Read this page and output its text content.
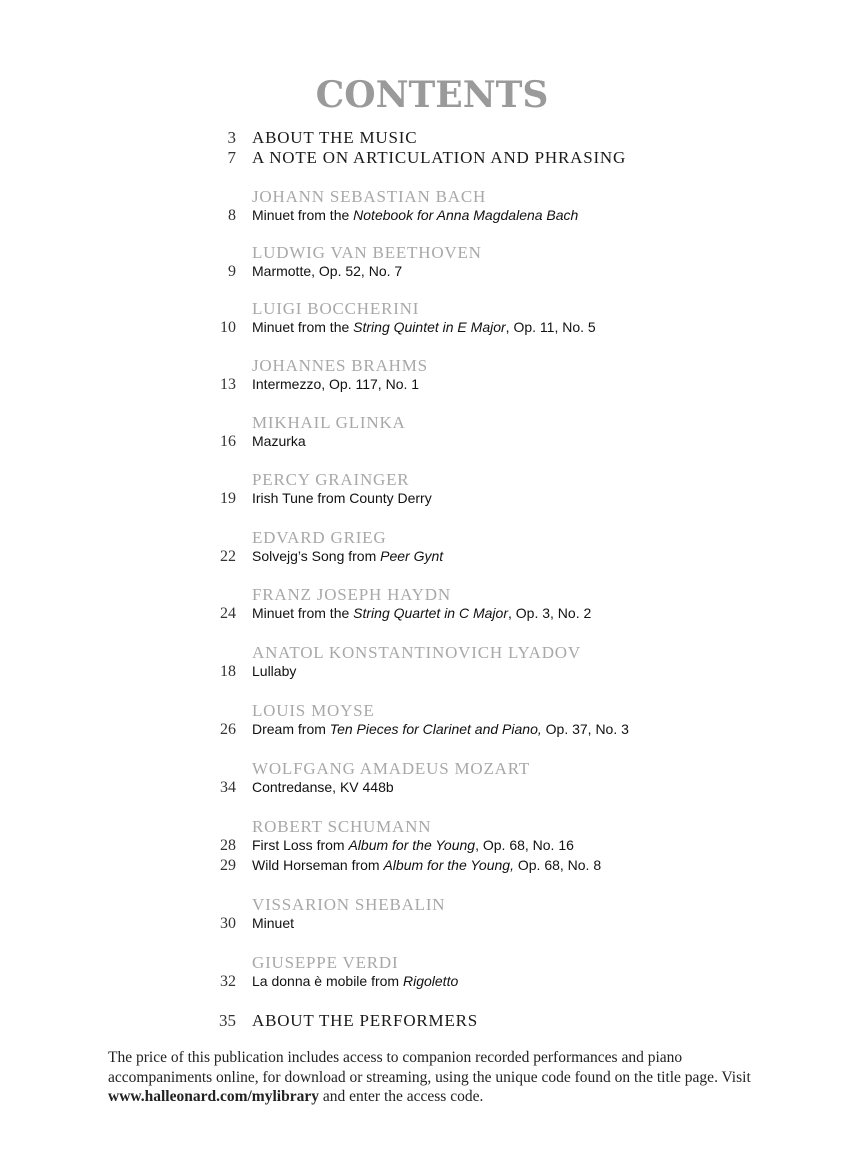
CONTENTS
3 ABOUT THE MUSIC
7 A NOTE ON ARTICULATION AND PHRASING
JOHANN SEBASTIAN BACH
8 Minuet from the Notebook for Anna Magdalena Bach
LUDWIG VAN BEETHOVEN
9 Marmotte, Op. 52, No. 7
LUIGI BOCCHERINI
10 Minuet from the String Quintet in E Major, Op. 11, No. 5
JOHANNES BRAHMS
13 Intermezzo, Op. 117, No. 1
MIKHAIL GLINKA
16 Mazurka
PERCY GRAINGER
19 Irish Tune from County Derry
EDVARD GRIEG
22 Solvejg’s Song from Peer Gynt
FRANZ JOSEPH HAYDN
24 Minuet from the String Quartet in C Major, Op. 3, No. 2
ANATOL KONSTANTINOVICH LYADOV
18 Lullaby
LOUIS MOYSE
26 Dream from Ten Pieces for Clarinet and Piano, Op. 37, No. 3
WOLFGANG AMADEUS MOZART
34 Contredanse, KV 448b
ROBERT SCHUMANN
28 First Loss from Album for the Young, Op. 68, No. 16
29 Wild Horseman from Album for the Young, Op. 68, No. 8
VISSARION SHEBALIN
30 Minuet
GIUSEPPE VERDI
32 La donna è mobile from Rigoletto
35 ABOUT THE PERFORMERS

The price of this publication includes access to companion recorded performances and piano accompaniments online, for download or streaming, using the unique code found on the title page. Visit www.halleonard.com/mylibrary and enter the access code.
